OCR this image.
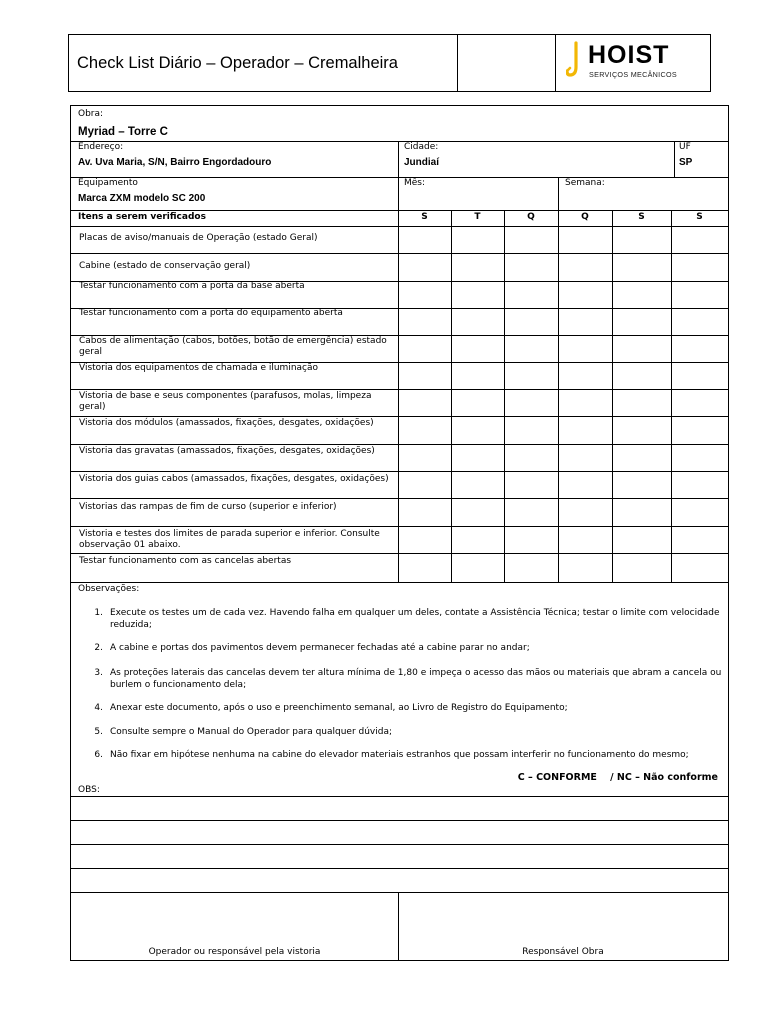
Check List Diário – Operador – Cremalheira	HOIST
SERVIÇOS MECÂNICOS
Obra:
Myriad – Torre C
Endereço:
Av. Uva Maria, S/N, Bairro Engordadouro
Cidade:
Jundiaí
UF
SP
Equipamento
Marca ZXM modelo SC 200
Mês:	Semana:
Itens a serem verificados	S	T	Q	Q	S	S
Placas de aviso/manuais de Operação (estado Geral)
Cabine (estado de conservação geral)
Testar funcionamento com a porta da base aberta
Testar funcionamento com a porta do equipamento aberta
Cabos de alimentação (cabos, botões, botão de emergência) estado geral
Vistoria dos equipamentos de chamada e iluminação
Vistoria de base e seus componentes (parafusos, molas, limpeza geral)
Vistoria dos módulos (amassados, fixações, desgates, oxidações)
Vistoria das gravatas (amassados, fixações, desgates, oxidações)
Vistoria dos guias cabos (amassados, fixações, desgates, oxidações)
Vistorias das rampas de fim de curso (superior e inferior)
Vistoria e testes dos limites de parada superior e inferior. Consulte observação 01 abaixo.
Testar funcionamento com as cancelas abertas
Observações:
1. Execute os testes um de cada vez. Havendo falha em qualquer um deles, contate a Assistência Técnica; testar o limite com velocidade reduzida;
2. A cabine e portas dos pavimentos devem permanecer fechadas até a cabine parar no andar;
3. As proteções laterais das cancelas devem ter altura mínima de 1,80 e impeça o acesso das mãos ou materiais que abram a cancela ou burlem o funcionamento dela;
4. Anexar este documento, após o uso e preenchimento semanal, ao Livro de Registro do Equipamento;
5. Consulte sempre o Manual do Operador para qualquer dúvida;
6. Não fixar em hipótese nenhuma na cabine do elevador materiais estranhos que possam interferir no funcionamento do mesmo;
C – CONFORME    / NC – Não conforme
OBS:
Operador ou responsável pela vistoria	Responsável Obra
